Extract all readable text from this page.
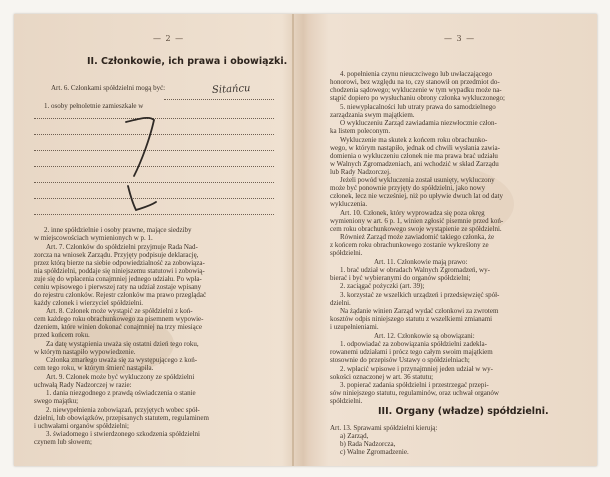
— 2 —
II. Członkowie, ich prawa i obowiązki.
Sitańcu
Art. 6. Członkami spółdzielni mogą być:
1. osoby pełnoletnie zamieszkałe w
2. inne spółdzielnie i osoby prawne, mające siedziby
w miejscowościach wymienionych w p. 1.
Art. 7. Członków do spółdzielni przyjmuje Rada Nad-
zorcza na wniosek Zarządu. Przyjęty podpisuje deklarację,
przez którą bierze na siebie odpowiedzialność za zobowiąza-
nia spółdzielni, poddaje się niniejszemu statutowi i zobowią-
zuje się do wpłacenia conajmniej jednego udziału. Po wpła-
ceniu wpisowego i pierwszej raty na udział zostaje wpisany
do rejestru członków. Rejestr członków ma prawo przeglądać
każdy członek i wierzyciel spółdzielni.
Art. 8. Członek może wystąpić ze spółdzielni z koń-
cem każdego roku obrachunkowego za pisemnem wypowie-
dzeniem, które winien dokonać conajmniej na trzy miesiące
przed końcem roku.
Za datę wystąpienia uważa się ostatni dzień tego roku,
w którym nastąpiło wypowiedzenie.
Członka zmarłego uważa się za występującego z koń-
cem tego roku, w którym śmierć nastąpiła.
Art. 9. Członek może być wykluczony ze spółdzielni
uchwałą Rady Nadzorczej w razie:
1. dania niezgodnego z prawdą oświadczenia o stanie
swego majątku;
2. niewypełnienia zobowiązań, przyjętych wobec spół-
dzielni, lub obowiązków, przepisanych statutem, regulaminem
i uchwałami organów spółdzielni;
3. świadomego i stwierdzonego szkodzenia spółdzielni
czynem lub słowem;
— 3 —
4. popełnienia czynu nieuczciwego lub uwłaczającego
honorowi, bez względu na to, czy stanowił on przedmiot do-
chodzenia sądowego; wykluczenie w tym wypadku może na-
stąpić dopiero po wysłuchaniu obrony członka wykluczonego;
5. niewypłacalności lub utraty prawa do samodzielnego
zarządzania swym majątkiem.
O wykluczeniu Zarząd zawiadamia niezwłocznie człon-
ka listem poleconym.
Wykluczenie ma skutek z końcem roku obrachunko-
wego, w którym nastąpiło, jednak od chwili wysłania zawia-
domienia o wykluczeniu członek nie ma prawa brać udziału
w Walnych Zgromadzeniach, ani wchodzić w skład Zarządu
lub Rady Nadzorczej.
Jeżeli powód wykluczenia został usunięty, wykluczony
może być ponownie przyjęty do spółdzielni, jako nowy
członek, lecz nie wcześniej, niż po upływie dwuch lat od daty
wykluczenia.
Art. 10. Członek, który wyprowadza się poza okręg
wymieniony w art. 6 p. 1, winien zgłosić pisemnie przed koń-
cem roku obrachunkowego swoje wystąpienie ze spółdzielni.
Również Zarząd może zawiadomić takiego członka, że
z końcem roku obrachunkowego zostanie wykreślony ze
spółdzielni.
Art. 11. Członkowie mają prawo:
1. brać udział w obradach Walnych Zgromadzeń, wy-
bierać i być wybieranymi do organów spółdzielni;
2. zaciągać pożyczki (art. 39);
3. korzystać ze wszelkich urządzeń i przedsięwzięć spół-
dzielni.
Na żądanie winien Zarząd wydać członkowi za zwrotem
kosztów odpis niniejszego statutu z wszelkiemi zmianami
i uzupełnieniami.
Art. 12. Członkowie są obowiązani:
1. odpowiadać za zobowiązania spółdzielni zadekla-
rowanemi udziałami i prócz tego całym swoim majątkiem
stosownie do przepisów Ustawy o spółdzielniach;
2. wpłacić wpisowe i przynajmniej jeden udział w wy-
sokości oznaczonej w art. 36 statutu;
3. popierać zadania spółdzielni i przestrzegać przepi-
sów niniejszego statutu, regulaminów, oraz uchwał organów
spółdzielni.
Art. 13. Sprawami spółdzielni kierują:
a) Zarząd,
b) Rada Nadzorcza,
c) Walne Zgromadzenie.
III. Organy (władze) spółdzielni.
